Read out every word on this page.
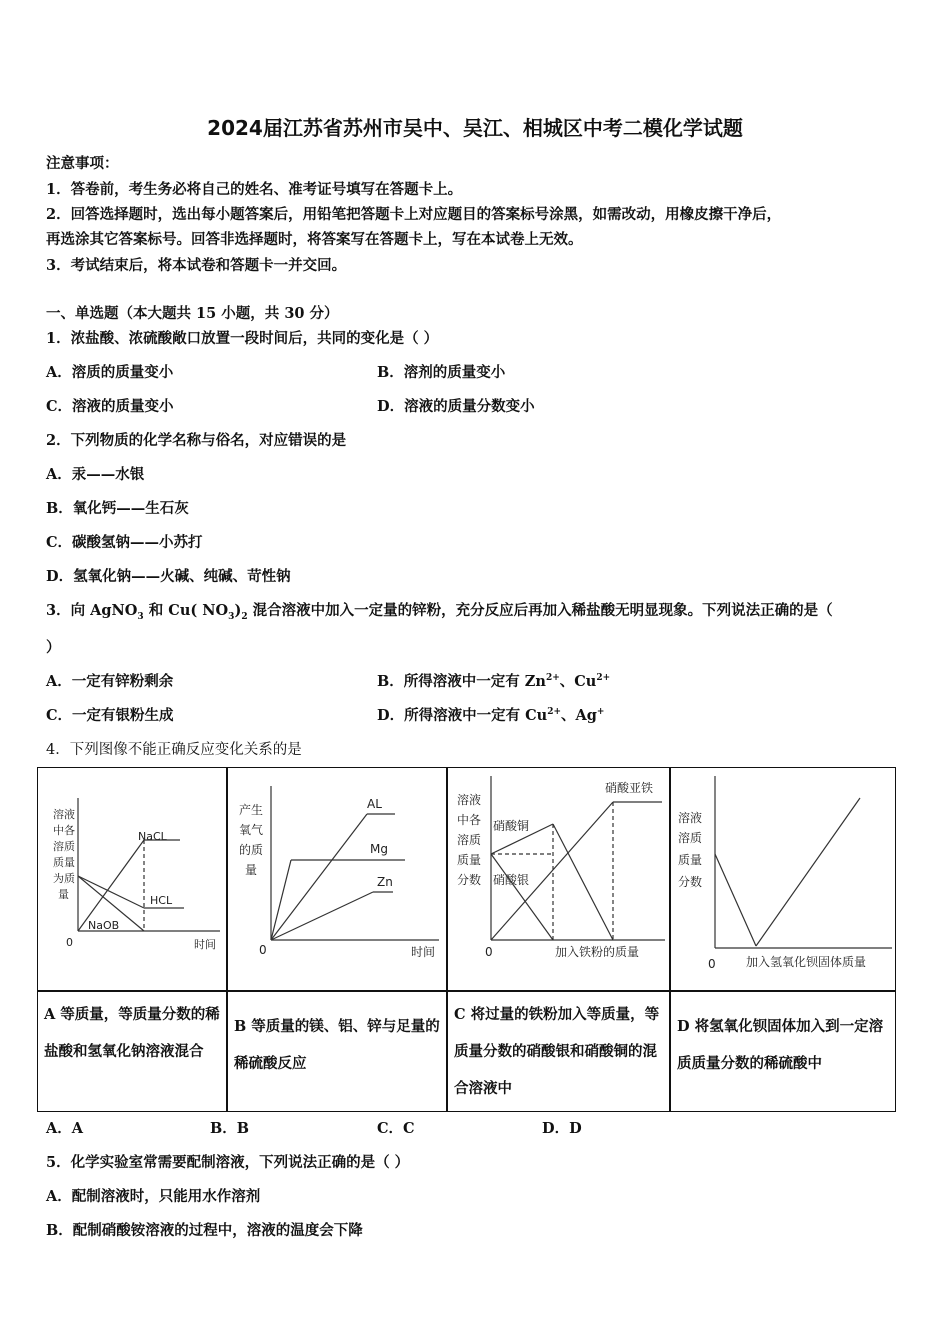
2024届江苏省苏州市吴中、吴江、相城区中考二模化学试题
注意事项：
1．答卷前，考生务必将自己的姓名、准考证号填写在答题卡上。
2．回答选择题时，选出每小题答案后，用铅笔把答题卡上对应题目的答案标号涂黑，如需改动，用橡皮擦干净后，
再选涂其它答案标号。回答非选择题时，将答案写在答题卡上，写在本试卷上无效。
3．考试结束后，将本试卷和答题卡一并交回。
一、单选题（本大题共 15 小题，共 30 分）
1．浓盐酸、浓硫酸敞口放置一段时间后，共同的变化是（ ）
A．溶质的质量变小	B．溶剂的质量变小
C．溶液的质量变小	D．溶液的质量分数变小
2．下列物质的化学名称与俗名，对应错误的是
A．汞——水银
B．氧化钙——生石灰
C．碳酸氢钠——小苏打
D．氢氧化钠——火碱、纯碱、苛性钠
3．向 AgNO$_3$ 和 Cu( $NO_3)_2$ 混合溶液中加入一定量的锌粉，充分反应后再加入稀盐酸无明显现象。下列说法正确的是（
）
A．一定有锌粉剩余	B．所得溶液中一定有 $Zn^{2+}$、$Cu^{2+}$
C．一定有银粉生成	D．所得溶液中一定有 $Cu^{2+}$、Ag+
4．下列图像不能正确反应变化关系的是
溶液
中各
溶质
质量
为质
量
0	时间
NaCL
HCL
NaOB
产生
氧气
的质
量
0	时间
AL
Mg
Zn
溶液
中各
溶质
质量
分数
0	加入铁粉的质量
硝酸亚铁
硝酸铜
硝酸银
溶液
溶质
质量
分数
0	加入氢氧化钡固体质量
A 等质量，等质量分数的稀盐酸和氢氧化钠溶液混合
B 等质量的镁、铝、锌与足量的稀硫酸反应
C 将过量的铁粉加入等质量，等质量分数的硝酸银和硝酸铜的混合溶液中
D 将氢氧化钡固体加入到一定溶质质量分数的稀硫酸中
A．A	B．B	C．C	D．D
5．化学实验室常需要配制溶液，下列说法正确的是（ ）
A．配制溶液时，只能用水作溶剂
B．配制硝酸铵溶液的过程中，溶液的温度会下降
